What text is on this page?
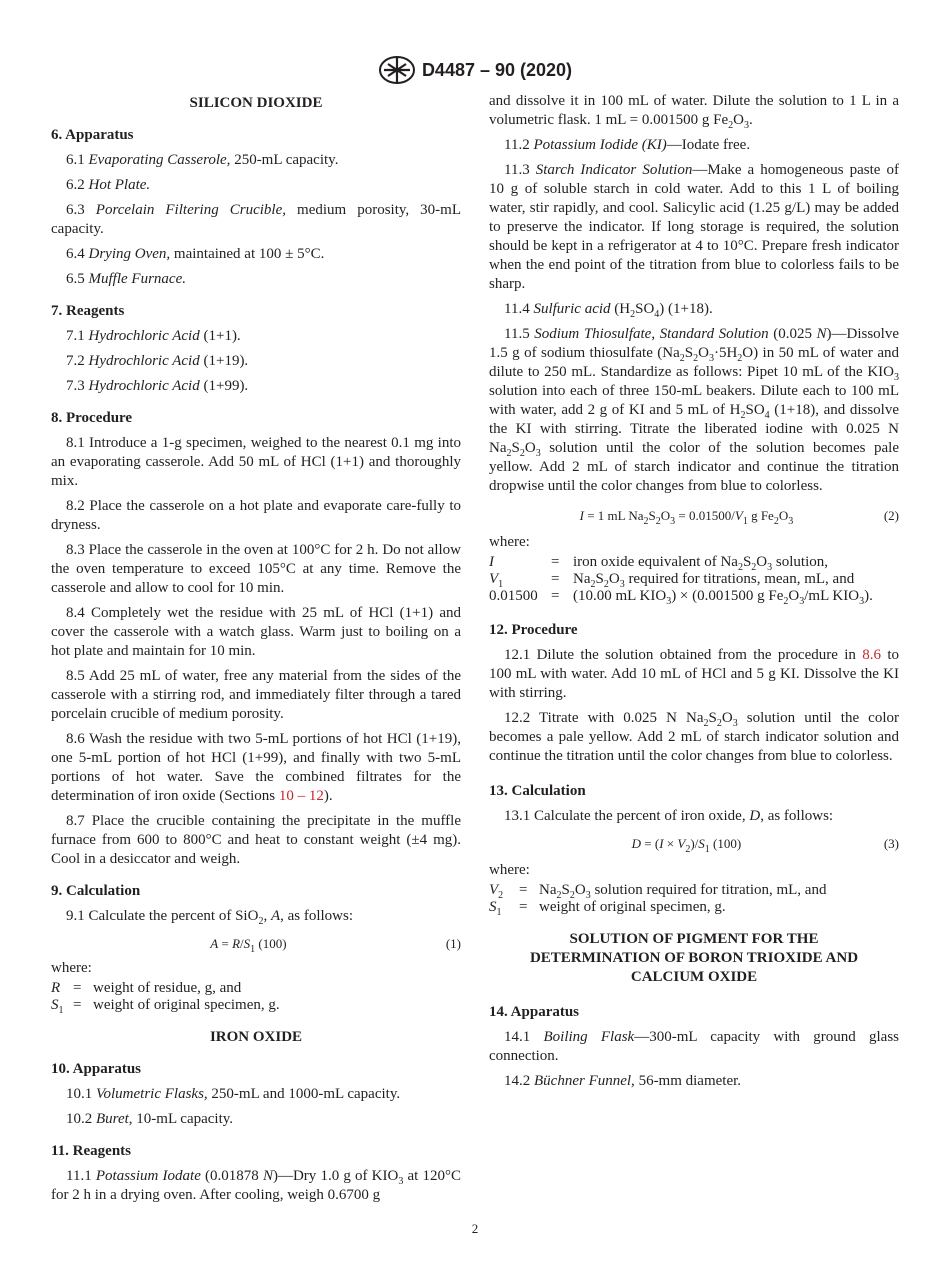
D4487 – 90 (2020)

SILICON DIOXIDE

6. Apparatus

6.1 Evaporating Casserole, 250-mL capacity.

6.2 Hot Plate.

6.3 Porcelain Filtering Crucible, medium porosity, 30-mL capacity.

6.4 Drying Oven, maintained at 100 ± 5°C.

6.5 Muffle Furnace.

7. Reagents

7.1 Hydrochloric Acid (1+1).

7.2 Hydrochloric Acid (1+19).

7.3 Hydrochloric Acid (1+99).

8. Procedure

8.1 Introduce a 1-g specimen, weighed to the nearest 0.1 mg into an evaporating casserole. Add 50 mL of HCl (1+1) and thoroughly mix.

8.2 Place the casserole on a hot plate and evaporate care-fully to dryness.

8.3 Place the casserole in the oven at 100°C for 2 h. Do not allow the oven temperature to exceed 105°C at any time. Remove the casserole and allow to cool for 10 min.

8.4 Completely wet the residue with 25 mL of HCl (1+1) and cover the casserole with a watch glass. Warm just to boiling on a hot plate and maintain for 10 min.

8.5 Add 25 mL of water, free any material from the sides of the casserole with a stirring rod, and immediately filter through a tared porcelain crucible of medium porosity.

8.6 Wash the residue with two 5-mL portions of hot HCl (1+19), one 5-mL portion of hot HCl (1+99), and finally with two 5-mL portions of hot water. Save the combined filtrates for the determination of iron oxide (Sections 10 – 12).

8.7 Place the crucible containing the precipitate in the muffle furnace from 600 to 800°C and heat to constant weight (±4 mg). Cool in a desiccator and weigh.

9. Calculation

9.1 Calculate the percent of SiO$_2$, A, as follows:

$A = R/S_1$ (100)	(1)

where:

R = weight of residue, g, and
$S_1$ = weight of original specimen, g.

IRON OXIDE

10. Apparatus

10.1 Volumetric Flasks, 250-mL and 1000-mL capacity.

10.2 Buret, 10-mL capacity.

11. Reagents

11.1 Potassium Iodate (0.01878 N)—Dry 1.0 g of $KIO_3$ at 120°C for 2 h in a drying oven. After cooling, weigh 0.6700 g

and dissolve it in 100 mL of water. Dilute the solution to 1 L in a volumetric flask. 1 mL = 0.001500 g $Fe_2O_3$.

11.2 Potassium Iodide (KI)—Iodate free.

11.3 Starch Indicator Solution—Make a homogeneous paste of 10 g of soluble starch in cold water. Add to this 1 L of boiling water, stir rapidly, and cool. Salicylic acid (1.25 g/L) may be added to preserve the indicator. If long storage is required, the solution should be kept in a refrigerator at 4 to 10°C. Prepare fresh indicator when the end point of the titration from blue to colorless fails to be sharp.

11.4 Sulfuric acid $(H_2SO_4)$ (1+18).

11.5 Sodium Thiosulfate, Standard Solution (0.025 N)—Dissolve 1.5 g of sodium thiosulfate $(Na_2S_2O_3\cdot 5H_2O)$ in 50 mL of water and dilute to 250 mL. Standardize as follows: Pipet 10 mL of the $KIO_3$ solution into each of three 150-mL beakers. Dilute each to 100 mL with water, add 2 g of KI and 5 mL of $H_2SO_4$ (1+18), and dissolve the KI with stirring. Titrate the liberated iodine with 0.025 N $Na_2S_2O_3$ solution until the color of the solution becomes pale yellow. Add 2 mL of starch indicator and continue the titration dropwise until the color changes from blue to colorless.

I = 1 mL $Na_2S_2O_3 = 0.01500/V_1$ g $Fe_2O_3$	(2)

where:

I	= iron oxide equivalent of $Na_2S_2O_3$ solution,
$V_1$	= $Na_2S_2O_3$ required for titrations, mean, mL, and
0.01500 = (10.00 mL $KIO_3) \times (0.001500$ g $Fe_2O_3/mL$ $KIO_3$).

12. Procedure

12.1 Dilute the solution obtained from the procedure in 8.6 to 100 mL with water. Add 10 mL of HCl and 5 g KI. Dissolve the KI with stirring.

12.2 Titrate with 0.025 N $Na_2S_2O_3$ solution until the color becomes a pale yellow. Add 2 mL of starch indicator solution and continue the titration until the color changes from blue to colorless.

13. Calculation

13.1 Calculate the percent of iron oxide, D, as follows:

$D = (I \times V_2)/S_1$ (100)	(3)

where:

$V_2$	= $Na_2S_2O_3$ solution required for titration, mL, and
$S_1$	= weight of original specimen, g.
SOLUTION OF PIGMENT FOR THE
DETERMINATION OF BORON TRIOXIDE AND
CALCIUM OXIDE

14. Apparatus

14.1 Boiling Flask—300-mL capacity with ground glass connection.

14.2 Büchner Funnel, 56-mm diameter.

2
